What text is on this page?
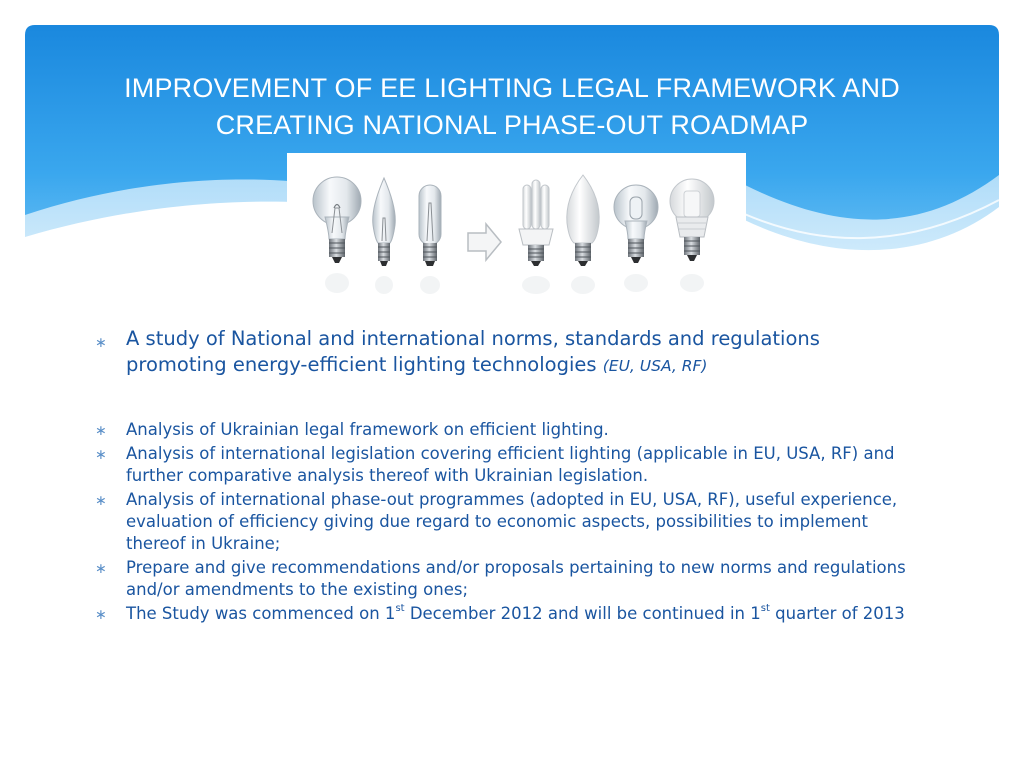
IMPROVEMENT OF EE LIGHTING LEGAL FRAMEWORK AND
CREATING NATIONAL PHASE-OUT ROADMAP
∗ A study of National and international norms, standards and regulations promoting energy-efficient lighting technologies (EU, USA, RF)
∗ Analysis of Ukrainian legal framework on efficient lighting.
∗ Analysis of international legislation covering efficient lighting (applicable in EU, USA, RF) and further comparative analysis thereof with Ukrainian legislation.
∗ Analysis of international phase-out programmes (adopted in EU, USA, RF), useful experience, evaluation of efficiency giving due regard to economic aspects, possibilities to implement thereof in Ukraine;
∗ Prepare and give recommendations and/or proposals pertaining to new norms and regulations and/or amendments to the existing ones;
∗ The Study was commenced on 1st December 2012 and will be continued in 1st quarter of 2013
